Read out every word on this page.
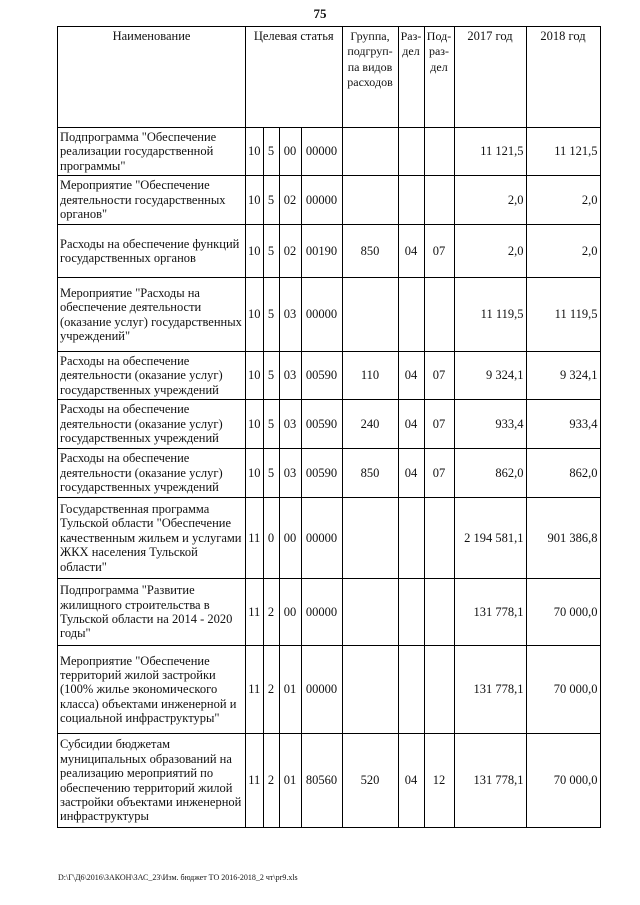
75
Наименование	Целевая статья				Группа, подгруп-па видов расходов	Раз-дел	Под-раз-дел	2017 год	2018 год
Подпрограмма "Обеспечение реализации государственной программы"	10	5	00	00000				11 121,5	11 121,5
Мероприятие "Обеспечение деятельности государственных органов"	10	5	02	00000				2,0	2,0
Расходы на обеспечение функций государственных органов	10	5	02	00190	850	04	07	2,0	2,0
Мероприятие "Расходы на обеспечение деятельности (оказание услуг) государственных учреждений"	10	5	03	00000				11 119,5	11 119,5
Расходы на обеспечение деятельности (оказание услуг) государственных учреждений	10	5	03	00590	110	04	07	9 324,1	9 324,1
Расходы на обеспечение деятельности (оказание услуг) государственных учреждений	10	5	03	00590	240	04	07	933,4	933,4
Расходы на обеспечение деятельности (оказание услуг) государственных учреждений	10	5	03	00590	850	04	07	862,0	862,0
Государственная программа Тульской области "Обеспечение качественным жильем и услугами ЖКХ населения Тульской области"	11	0	00	00000				2 194 581,1	901 386,8
Подпрограмма "Развитие жилищного строительства в Тульской области на 2014 - 2020 годы"	11	2	00	00000				131 778,1	70 000,0
Мероприятие "Обеспечение территорий жилой застройки (100% жилье экономического класса) объектами инженерной и социальной инфраструктуры"	11	2	01	00000				131 778,1	70 000,0
Субсидии бюджетам муниципальных образований на реализацию мероприятий по обеспечению территорий жилой застройки объектами инженерной инфраструктуры	11	2	01	80560	520	04	12	131 778,1	70 000,0
D:\Г\Д6\2016\ЗАКОН\ЗАС_23\Изм. бюджет ТО 2016-2018_2 чт\pr9.xls
